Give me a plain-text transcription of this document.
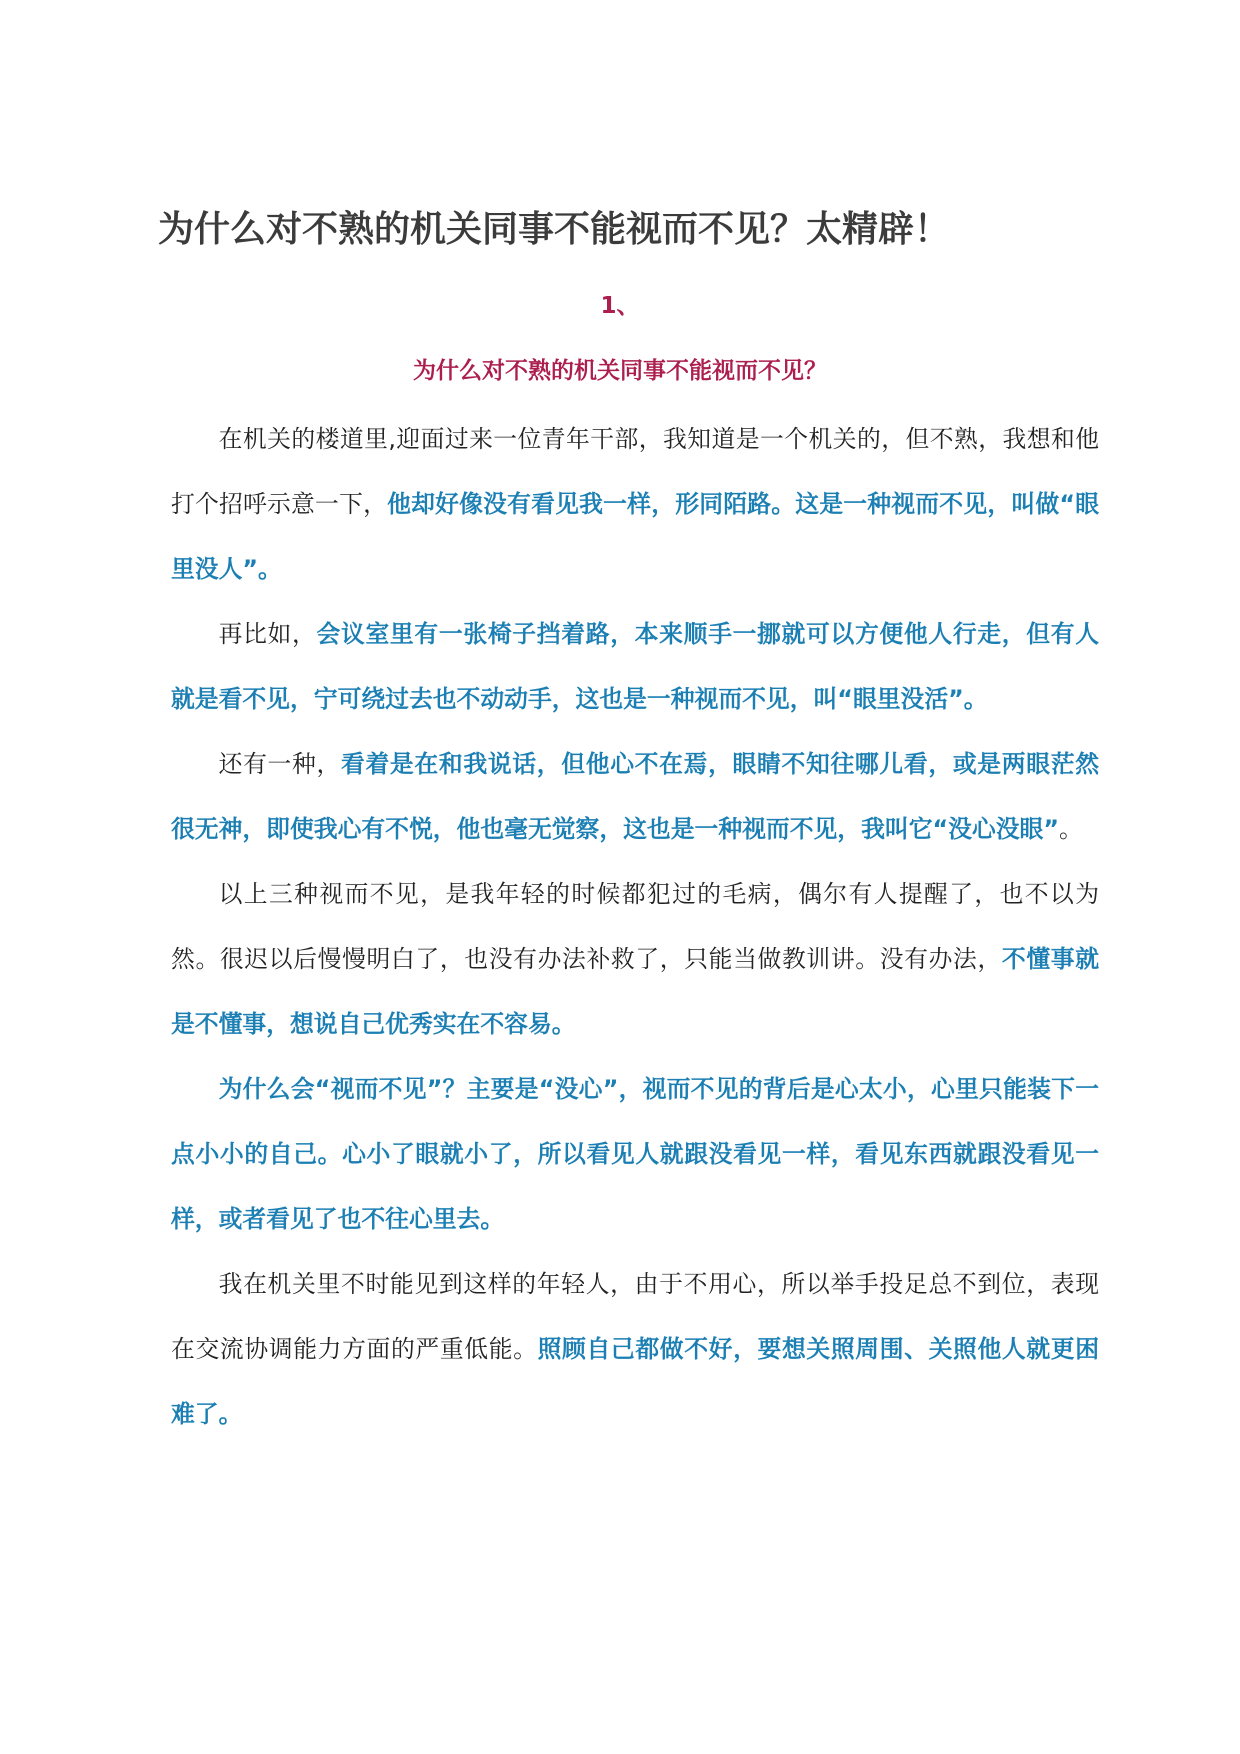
为什么对不熟的机关同事不能视而不见？太精辟！

1、

为什么对不熟的机关同事不能视而不见？

在机关的楼道里,迎面过来一位青年干部，我知道是一个机关的，但不熟，我想和他打个招呼示意一下，他却好像没有看见我一样，形同陌路。这是一种视而不见，叫做“眼里没人”。

再比如，会议室里有一张椅子挡着路，本来顺手一挪就可以方便他人行走，但有人就是看不见，宁可绕过去也不动动手，这也是一种视而不见，叫“眼里没活”。

还有一种，看着是在和我说话，但他心不在焉，眼睛不知往哪儿看，或是两眼茫然很无神，即使我心有不悦，他也毫无觉察，这也是一种视而不见，我叫它“没心没眼”。

以上三种视而不见，是我年轻的时候都犯过的毛病，偶尔有人提醒了，也不以为然。很迟以后慢慢明白了，也没有办法补救了，只能当做教训讲。没有办法，不懂事就是不懂事，想说自己优秀实在不容易。

为什么会“视而不见”？主要是“没心”，视而不见的背后是心太小，心里只能装下一点小小的自己。心小了眼就小了，所以看见人就跟没看见一样，看见东西就跟没看见一样，或者看见了也不往心里去。

我在机关里不时能见到这样的年轻人，由于不用心，所以举手投足总不到位，表现在交流协调能力方面的严重低能。照顾自己都做不好，要想关照周围、关照他人就更困难了。
